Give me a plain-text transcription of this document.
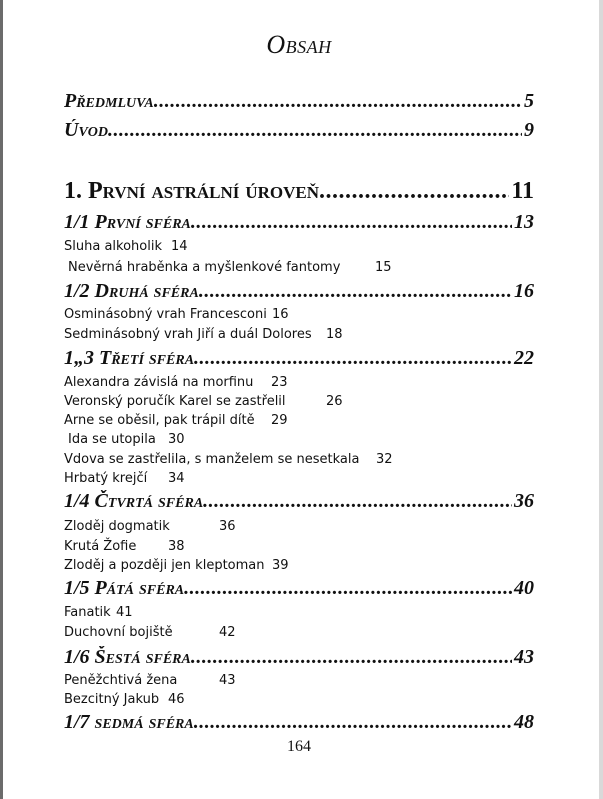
Obsah
Předmluva .....	5
Úvod .....	9
1. První astrální úroveň .....	11
1/1 První sféra .....	13
Sluha alkoholik 14
Nevěrná hraběnka a myšlenkové fantomy	15
1/2 Druhá sféra .....	16
Osminásobný vrah Francesconi 16
Sedminásobný vrah Jiří a duál Dolores 18
1„3 Třetí sféra .....	22
Alexandra závislá na morfinu 23
Veronský poručík Karel se zastřelil	26
Arne se oběsil, pak trápil dítě 29
Ida se utopila 30
Vdova se zastřelila, s manželem se nesetkala 32
Hrbatý krejčí 34
1/4 Čtvrtá sféra .....	36
Zloděj dogmatik	36
Krutá Žofie 38
Zloděj a později jen kleptoman 39
1/5 Pátá sféra .....	40
Fanatik 41
Duchovní bojiště	42
1/6 Šestá sféra .....	43
Peněžchtivá žena	43
Bezcitný Jakub 46
1/7 sedmá sféra .....	48
164
